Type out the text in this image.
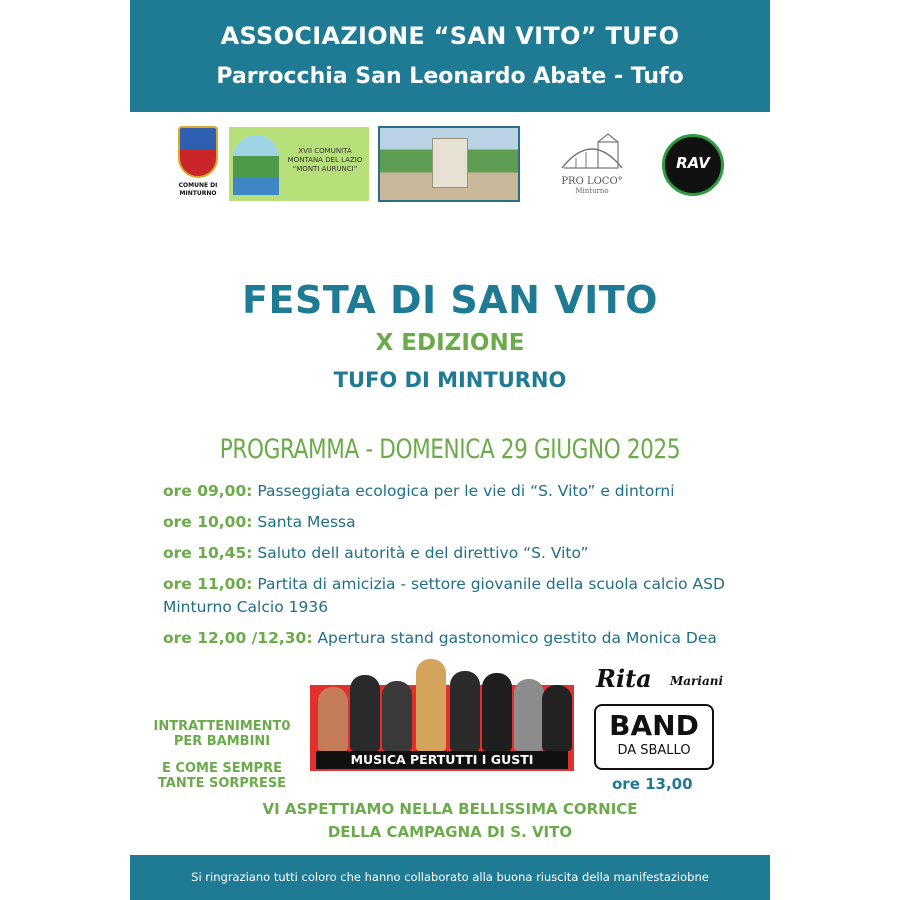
ASSOCIAZIONE “SAN VITO” TUFO
Parrocchia San Leonardo Abate - Tufo
COMUNE DI
MINTURNO
XVII COMUNITÀ
MONTANA DEL LAZIO
“MONTI AURUNCI”
PRO LOCO°
Minturno
RAV
FESTA DI SAN VITO
X EDIZIONE
TUFO DI MINTURNO
PROGRAMMA - DOMENICA 29 GIUGNO 2025
ore 09,00: Passeggiata ecologica per le vie di “S. Vito” e dintorni
ore 10,00: Santa Messa
ore 10,45: Saluto dell autorità e del direttivo “S. Vito”
ore 11,00: Partita di amicizia - settore giovanile della scuola calcio ASD Minturno Calcio 1936
ore 12,00 /12,30: Apertura stand gastonomico gestito da Monica Dea
INTRATTENIMENT0
PER BAMBINI
E COME SEMPRE
TANTE SORPRESE
MUSICA PERTUTTI I GUSTI
Rita Mariani
BAND
DA SBALLO
ore 13,00
VI ASPETTIAMO NELLA BELLISSIMA CORNICE
DELLA CAMPAGNA DI S. VITO
Si ringraziano tutti coloro che hanno collaborato alla buona riuscita della manifestaziobne
